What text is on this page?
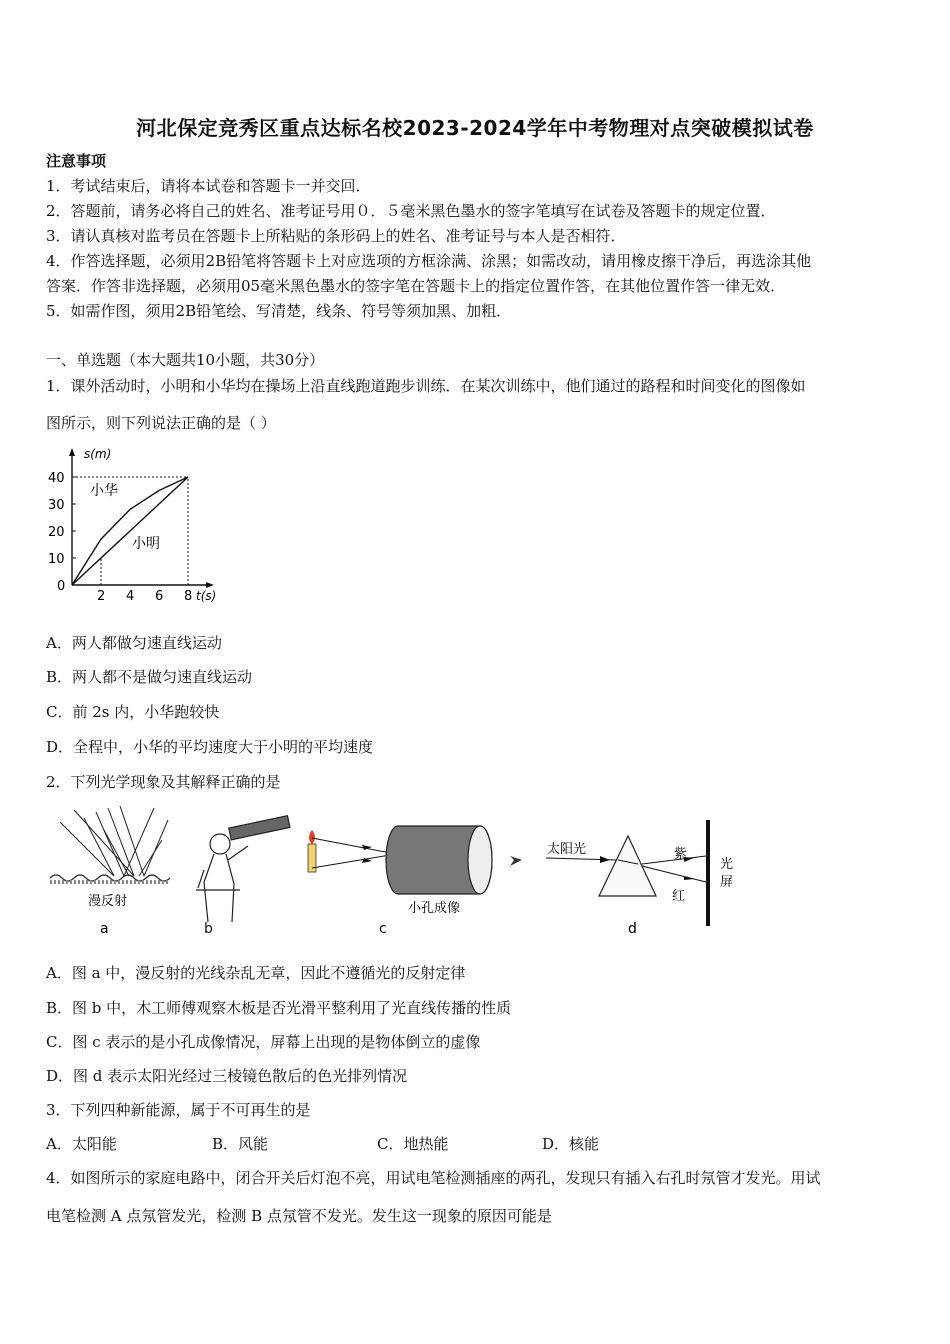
河北保定竞秀区重点达标名校2023-2024学年中考物理对点突破模拟试卷
注意事项
1．考试结束后，请将本试卷和答题卡一并交回．
2．答题前，请务必将自己的姓名、准考证号用０．５毫米黑色墨水的签字笔填写在试卷及答题卡的规定位置．
3．请认真核对监考员在答题卡上所粘贴的条形码上的姓名、准考证号与本人是否相符．
4．作答选择题，必须用2B铅笔将答题卡上对应选项的方框涂满、涂黑；如需改动，请用橡皮擦干净后，再选涂其他
答案．作答非选择题，必须用05毫米黑色墨水的签字笔在答题卡上的指定位置作答，在其他位置作答一律无效．
5．如需作图，须用2B铅笔绘、写清楚，线条、符号等须加黑、加粗．
一、单选题（本大题共10小题，共30分）
1．课外活动时，小明和小华均在操场上沿直线跑道跑步训练．在某次训练中，他们通过的路程和时间变化的图像如
图所示，则下列说法正确的是（ ）
s(m)
t(s)
0
2 4 6 8
10
20
30
40
小华
小明
A．两人都做匀速直线运动
B．两人都不是做匀速直线运动
C．前 2s 内，小华跑较快
D．全程中，小华的平均速度大于小明的平均速度
2．下列光学现象及其解释正确的是
漫反射
a	b
小孔成像
c
太阳光	紫
红
光
屏
d
A．图 a 中，漫反射的光线杂乱无章，因此不遵循光的反射定律
B．图 b 中，木工师傅观察木板是否光滑平整利用了光直线传播的性质
C．图 c 表示的是小孔成像情况，屏幕上出现的是物体倒立的虚像
D．图 d 表示太阳光经过三棱镜色散后的色光排列情况
3．下列四种新能源，属于不可再生的是
A．太阳能	B．风能	C．地热能	D．核能
4．如图所示的家庭电路中，闭合开关后灯泡不亮，用试电笔检测插座的两孔，发现只有插入右孔时氖管才发光。用试
电笔检测 A 点氖管发光，检测 B 点氖管不发光。发生这一现象的原因可能是
